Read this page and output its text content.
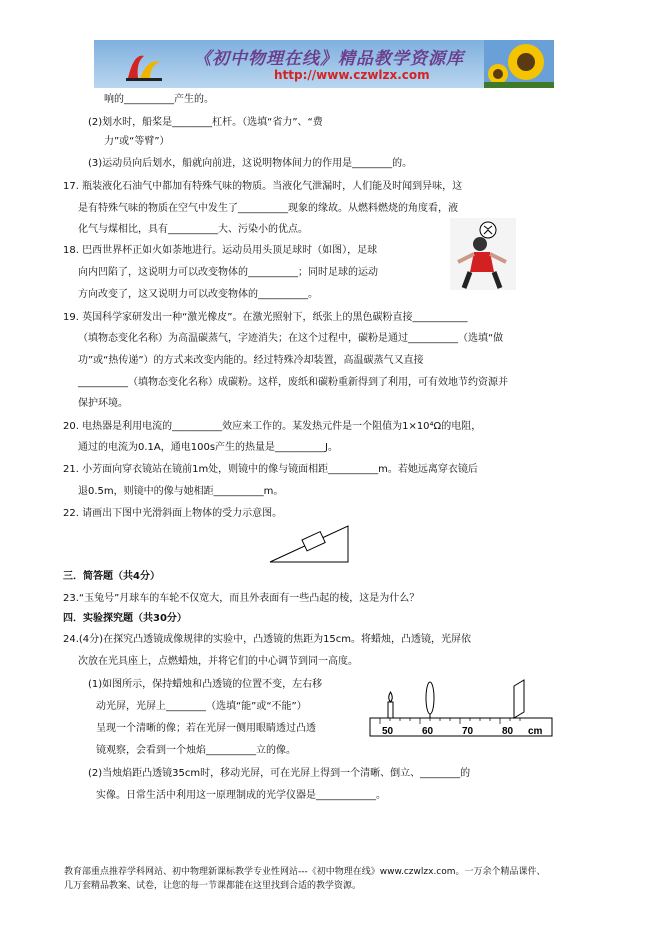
《初中物理在线》精品教学资源库
http://www.czwlzx.com
响的__________产生的。
(2)划水时，船桨是________杠杆。（选填“省力”、“费
力”或“等臂”）
(3)运动员向后划水，船就向前进，这说明物体间力的作用是________的。
17. 瓶装液化石油气中都加有特殊气味的物质。当液化气泄漏时，人们能及时闻到异味，这
是有特殊气味的物质在空气中发生了__________现象的缘故。从燃料燃烧的角度看，液
化气与煤相比，具有__________大、污染小的优点。
18. 巴西世界杯正如火如荼地进行。运动员用头顶足球时（如图），足球
向内凹陷了，这说明力可以改变物体的__________；同时足球的运动
方向改变了，这又说明力可以改变物体的__________。
19. 英国科学家研发出一种“激光橡皮”。在激光照射下，纸张上的黑色碳粉直接___________
（填物态变化名称）为高温碳蒸气，字迹消失；在这个过程中，碳粉是通过__________（选填“做
功”或“热传递”）的方式来改变内能的。经过特殊冷却装置，高温碳蒸气又直接
__________（填物态变化名称）成碳粉。这样，废纸和碳粉重新得到了利用，可有效地节约资源并
保护环境。
20. 电热器是利用电流的__________效应来工作的。某发热元件是一个阻值为1×10⁴Ω的电阻，
通过的电流为0.1A，通电100s产生的热量是__________J。
21. 小芳面向穿衣镜站在镜前1m处，则镜中的像与镜面相距__________m。若她远离穿衣镜后
退0.5m，则镜中的像与她相距__________m。
22. 请画出下图中光滑斜面上物体的受力示意图。
三．简答题（共4分）
23.“玉兔号”月球车的车轮不仅宽大，而且外表面有一些凸起的棱，这是为什么？
四．实验探究题（共30分）
24.(4分)在探究凸透镜成像规律的实验中，凸透镜的焦距为15cm。将蜡烛，凸透镜，光屏依
次放在光具座上，点燃蜡烛，并将它们的中心调节到同一高度。
(1)如图所示，保持蜡烛和凸透镜的位置不变，左右移
动光屏，光屏上________（选填“能”或“不能”）
呈现一个清晰的像；若在光屏一侧用眼睛透过凸透
镜观察，会看到一个烛焰__________立的像。
50	60	70	80 cm
(2)当烛焰距凸透镜35cm时，移动光屏，可在光屏上得到一个清晰、倒立、________的
实像。日常生活中利用这一原理制成的光学仪器是____________。
教育部重点推荐学科网站、初中物理新课标教学专业性网站---《初中物理在线》www.czwlzx.com。一万余个精品课件、
几万套精品教案、试卷，让您的每一节课都能在这里找到合适的教学资源。
